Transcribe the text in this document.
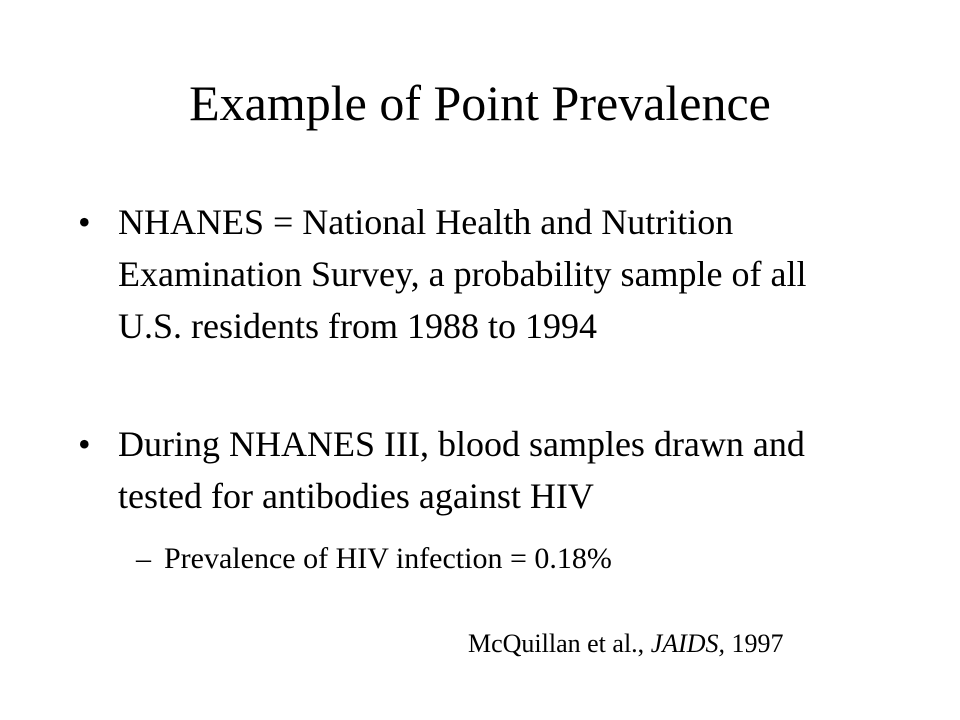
Example of Point Prevalence
• NHANES = National Health and Nutrition Examination Survey, a probability sample of all U.S. residents from 1988 to 1994
• During NHANES III, blood samples drawn and tested for antibodies against HIV
– Prevalence of HIV infection = 0.18%
McQuillan et al., JAIDS, 1997
